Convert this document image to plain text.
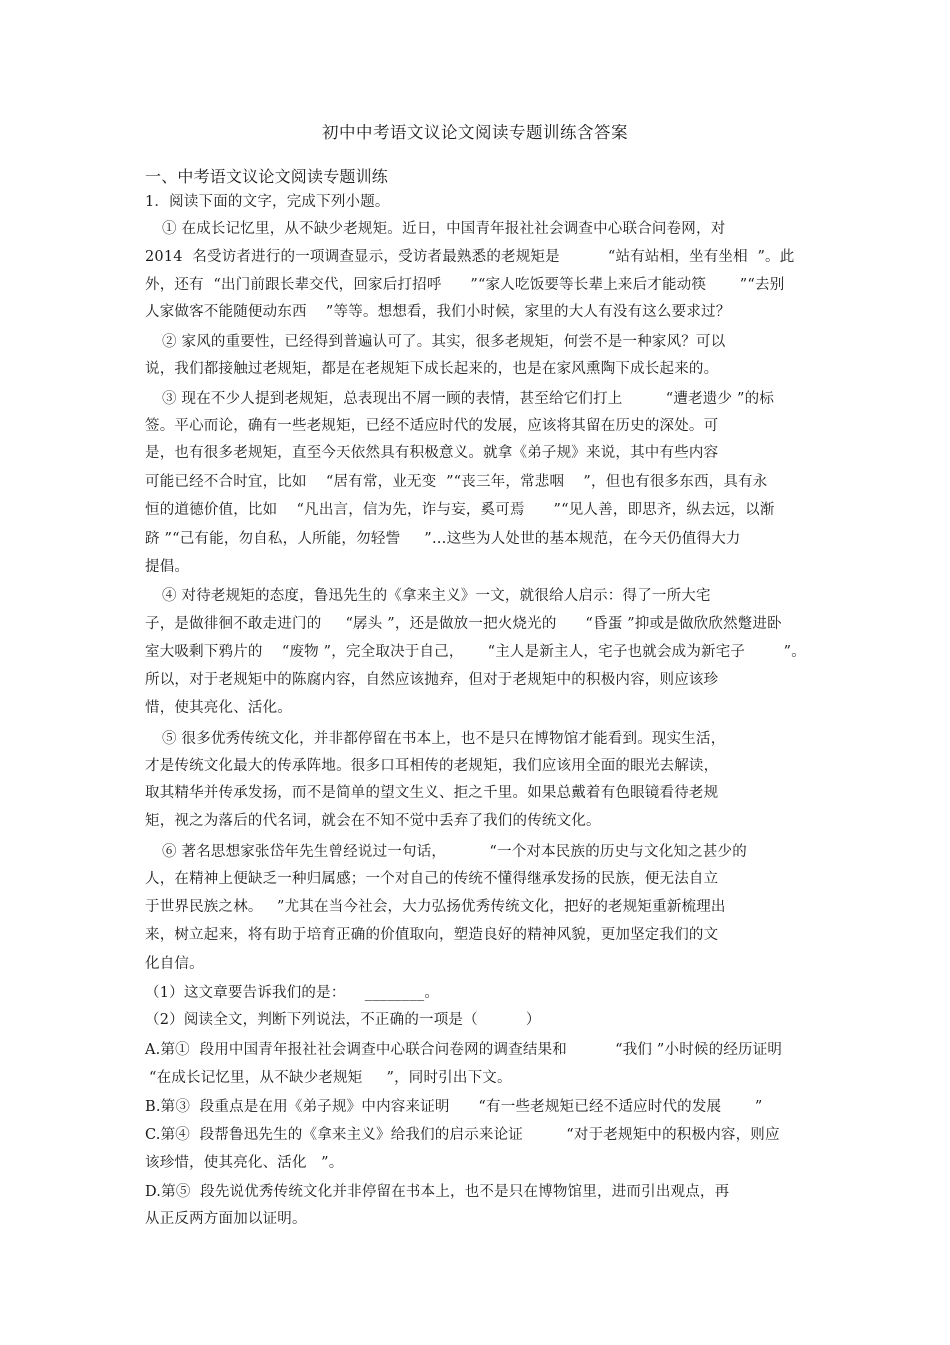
初中中考语文议论文阅读专题训练含答案
一、中考语文议论文阅读专题训练
1．阅读下面的文字，完成下列小题。
① 在成长记忆里，从不缺少老规矩。近日，中国青年报社社会调查中心联合问卷网，对
2014  名受访者进行的一项调查显示，受访者最熟悉的老规矩是          “站有站相，坐有坐相  ”。此
外，还有  “出门前跟长辈交代，回家后打招呼      ”“家人吃饭要等长辈上来后才能动筷       ”“去别
人家做客不能随便动东西    ”等等。想想看，我们小时候，家里的大人有没有这么要求过？
② 家风的重要性，已经得到普遍认可了。其实，很多老规矩，何尝不是一种家风？可以
说，我们都接触过老规矩，都是在老规矩下成长起来的，也是在家风熏陶下成长起来的。
③ 现在不少人提到老规矩，总表现出不屑一顾的表情，甚至给它们打上         “遭老遗少 ”的标
签。平心而论，确有一些老规矩，已经不适应时代的发展，应该将其留在历史的深处。可
是，也有很多老规矩，直至今天依然具有积极意义。就拿《弟子规》来说，其中有些内容
可能已经不合时宜，比如    “居有常，业无变  ”“丧三年，常悲咽    ”，但也有很多东西，具有永
恒的道德价值，比如    “凡出言，信为先，诈与妄，奚可焉      ”“见人善，即思齐，纵去远，以渐
跻 ”“己有能，勿自私，人所能，勿轻訾     ”…这些为人处世的基本规范，在今天仍值得大力
提倡。
④ 对待老规矩的态度，鲁迅先生的《拿来主义》一文，就很给人启示：得了一所大宅
子，是做徘徊不敢走进门的     “孱头 ”，还是做放一把火烧光的      “昏蛋 ”抑或是做欣欣然蹩进卧
室大吸剩下鸦片的    “废物 ”，完全取决于自己，     “主人是新主人，宅子也就会成为新宅子        ”。
所以，对于老规矩中的陈腐内容，自然应该抛弃，但对于老规矩中的积极内容，则应该珍
惜，使其亮化、活化。
⑤ 很多优秀传统文化，并非都停留在书本上，也不是只在博物馆才能看到。现实生活，
才是传统文化最大的传承阵地。很多口耳相传的老规矩，我们应该用全面的眼光去解读，
取其精华并传承发扬，而不是简单的望文生义、拒之千里。如果总戴着有色眼镜看待老规
矩，视之为落后的代名词，就会在不知不觉中丢弃了我们的传统文化。
⑥ 著名思想家张岱年先生曾经说过一句话，         “一个对本民族的历史与文化知之甚少的
人，在精神上便缺乏一种归属感；一个对自己的传统不懂得继承发扬的民族，便无法自立
于世界民族之林。   ”尤其在当今社会，大力弘扬优秀传统文化，把好的老规矩重新梳理出
来，树立起来，将有助于培育正确的价值取向，塑造良好的精神风貌，更加坚定我们的文
化自信。
（1）这文章要告诉我们的是：    ________。
（2）阅读全文，判断下列说法，不正确的一项是（          ）
A.第①  段用中国青年报社社会调查中心联合问卷网的调查结果和          “我们 ”小时候的经历证明
“在成长记忆里，从不缺少老规矩     ”，同时引出下文。
B.第③  段重点是在用《弟子规》中内容来证明      “有一些老规矩已经不适应时代的发展       ”
C.第④  段帮鲁迅先生的《拿来主义》给我们的启示来论证         “对于老规矩中的积极内容，则应
该珍惜，使其亮化、活化   ”。
D.第⑤  段先说优秀传统文化并非停留在书本上，也不是只在博物馆里，进而引出观点，再
从正反两方面加以证明。
